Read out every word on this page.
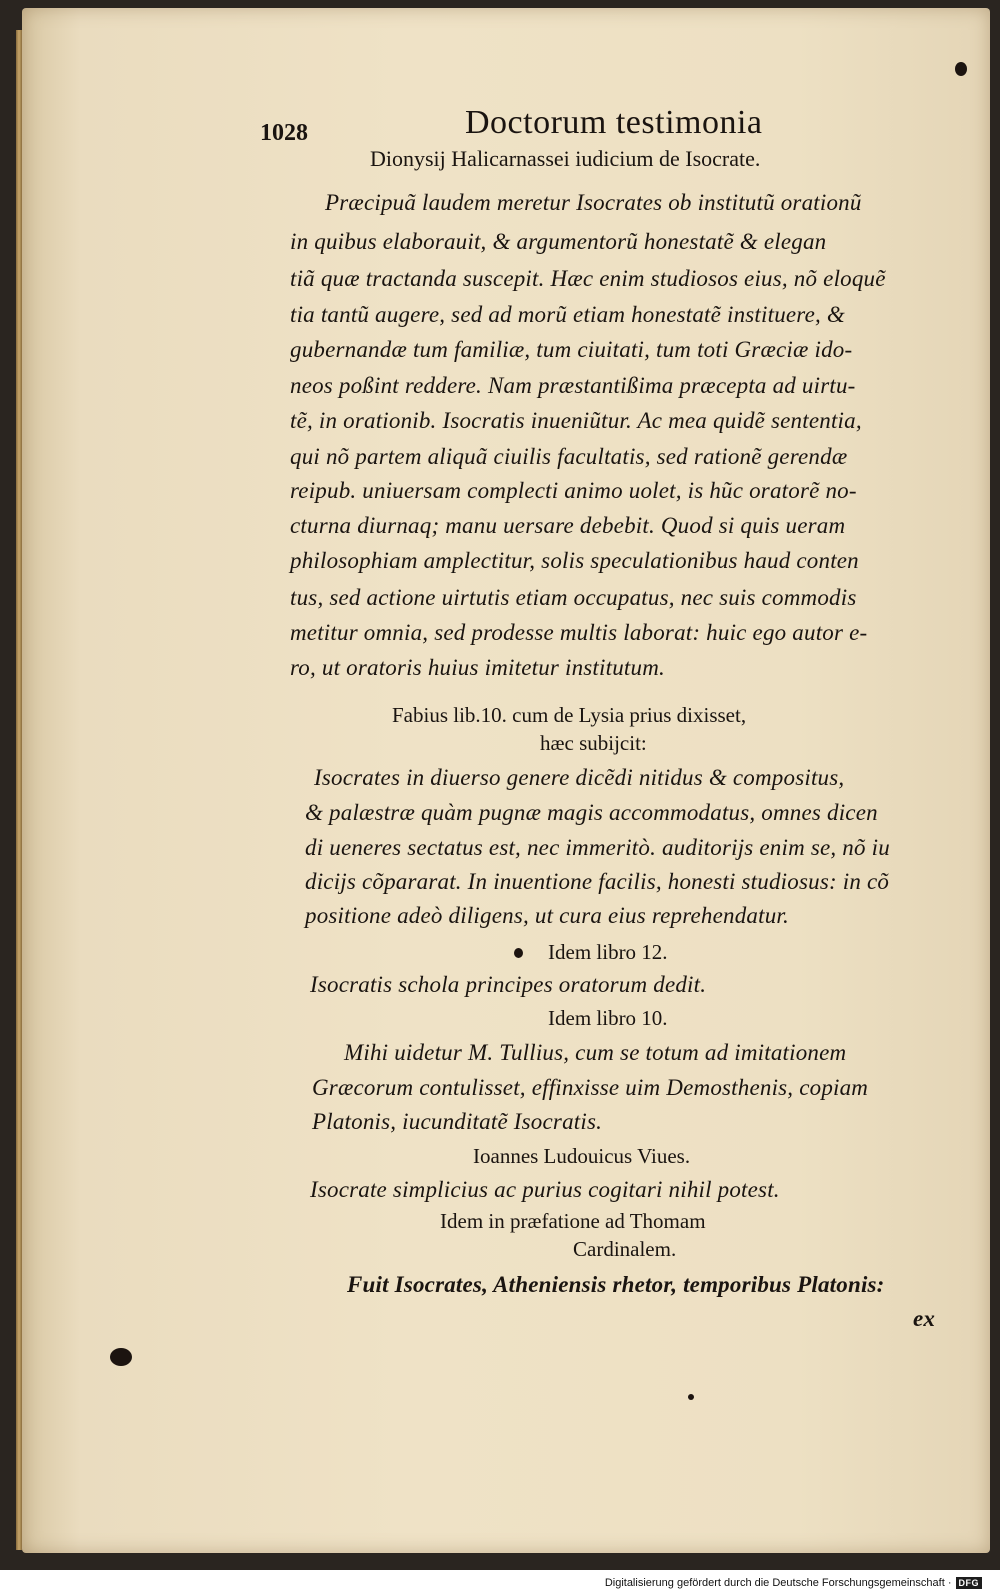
1028	Doctorum testimonia
Dionysij Halicarnassei iudicium de Isocrate.
Præcipuã laudem meretur Isocrates ob institutũ orationũ
in quibus elaborauit, & argumentorũ honestatẽ & elegan
tiã quæ tractanda suscepit. Hæc enim studiosos eius, nõ eloquẽ
tia tantũ augere, sed ad morũ etiam honestatẽ instituere, &
gubernandæ tum familiæ, tum ciuitati, tum toti Græciæ ido-
neos poßint reddere. Nam præstantißima præcepta ad uirtu-
tẽ, in orationib. Isocratis inueniũtur. Ac mea quidẽ sententia,
qui nõ partem aliquã ciuilis facultatis, sed rationẽ gerendæ
reipub. uniuersam complecti animo uolet, is hũc oratorẽ no-
cturna diurnaq; manu uersare debebit. Quod si quis ueram
philosophiam amplectitur, solis speculationibus haud conten
tus, sed actione uirtutis etiam occupatus, nec suis commodis
metitur omnia, sed prodesse multis laborat: huic ego autor e-
ro, ut oratoris huius imitetur institutum.
Fabius lib.10. cum de Lysia prius dixisset,
hæc subijcit:
Isocrates in diuerso genere dicẽdi nitidus & compositus,
& palæstræ quàm pugnæ magis accommodatus, omnes dicen
di ueneres sectatus est, nec immeritò. auditorijs enim se, nõ iu
dicijs cõpararat. In inuentione facilis, honesti studiosus: in cõ
positione adeò diligens, ut cura eius reprehendatur.
Idem libro 12.
Isocratis schola principes oratorum dedit.
Idem libro 10.
Mihi uidetur M. Tullius, cum se totum ad imitationem
Græcorum contulisset, effinxisse uim Demosthenis, copiam
Platonis, iucunditatẽ Isocratis.
Ioannes Ludouicus Viues.
Isocrate simplicius ac purius cogitari nihil potest.
Idem in præfatione ad Thomam
Cardinalem.
Fuit Isocrates, Atheniensis rhetor, temporibus Platonis:
ex
Digitalisierung gefördert durch die Deutsche Forschungsgemeinschaft · DFG
